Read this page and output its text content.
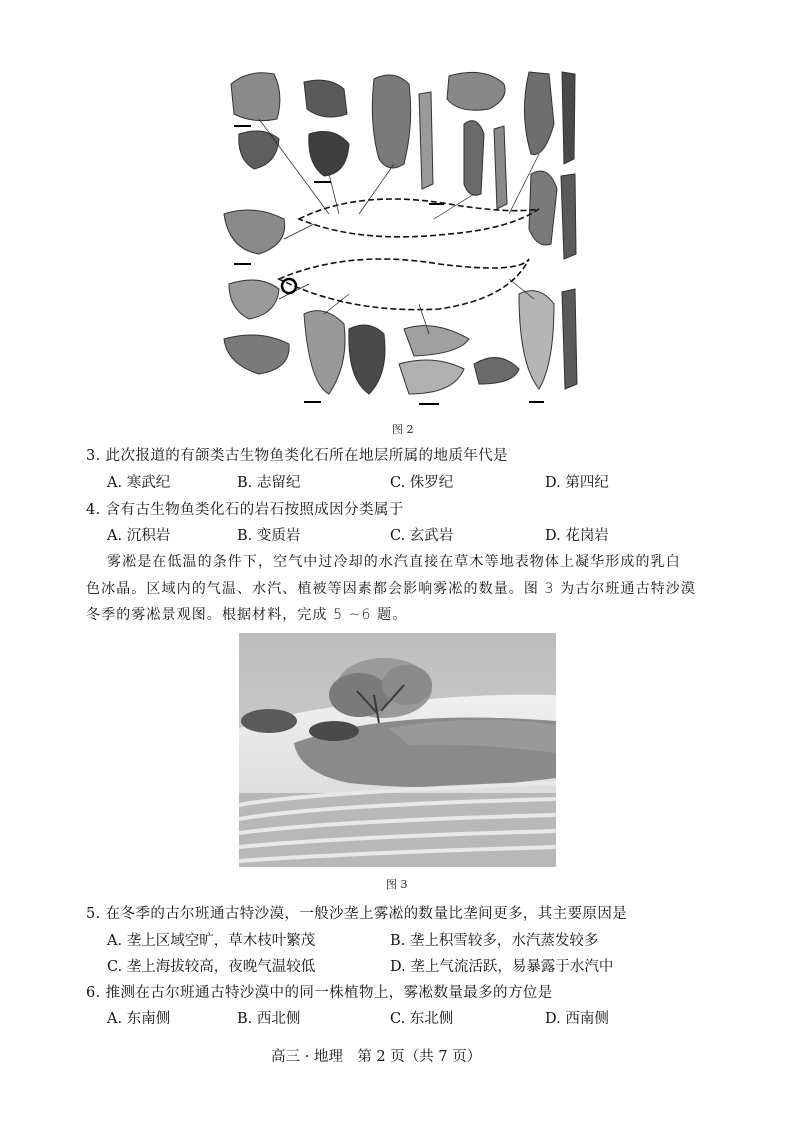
图 2
3. 此次报道的有颌类古生物鱼类化石所在地层所属的地质年代是
A. 寒武纪	B. 志留纪	C. 侏罗纪	D. 第四纪
4. 含有古生物鱼类化石的岩石按照成因分类属于
A. 沉积岩	B. 变质岩	C. 玄武岩	D. 花岗岩
雾凇是在低温的条件下，空气中过冷却的水汽直接在草木等地表物体上凝华形成的乳白
色冰晶。区域内的气温、水汽、植被等因素都会影响雾凇的数量。图 3 为古尔班通古特沙漠
冬季的雾凇景观图。根据材料，完成 5 ~6 题。
图 3
5. 在冬季的古尔班通古特沙漠，一般沙垄上雾凇的数量比垄间更多，其主要原因是
A. 垄上区域空旷，草木枝叶繁茂	B. 垄上积雪较多，水汽蒸发较多
C. 垄上海拔较高，夜晚气温较低	D. 垄上气流活跃，易暴露于水汽中
6. 推测在古尔班通古特沙漠中的同一株植物上，雾凇数量最多的方位是
A. 东南侧	B. 西北侧	C. 东北侧	D. 西南侧
高三 · 地理　第 2 页（共 7 页）
